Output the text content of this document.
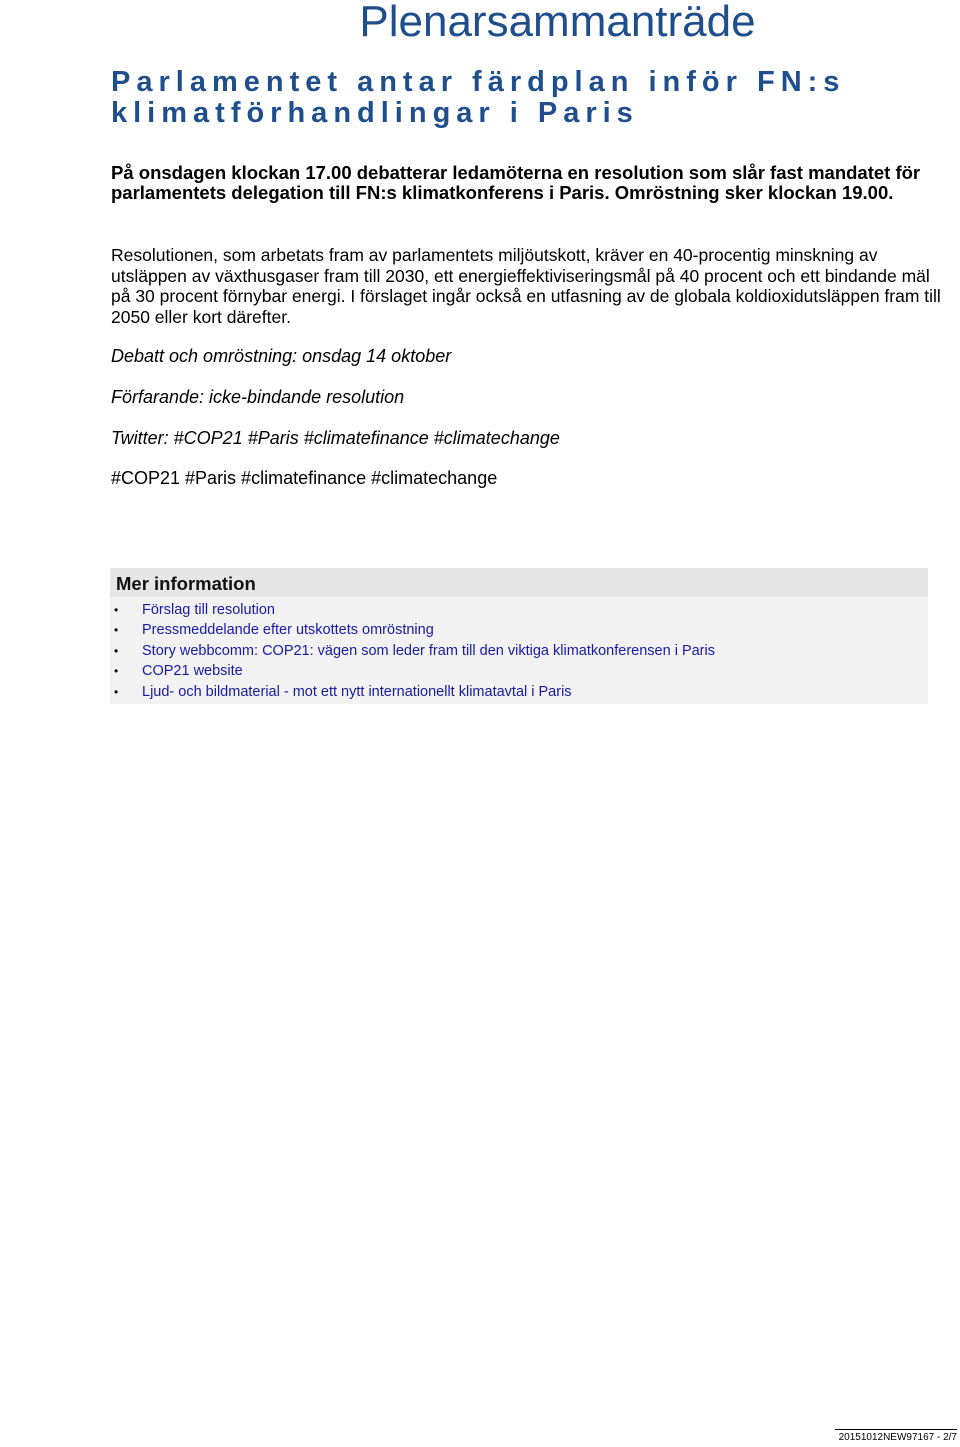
Plenarsammanträde
Parlamentet antar färdplan inför FN:s klimatförhandlingar i Paris

På onsdagen klockan 17.00 debatterar ledamöterna en resolution som slår fast mandatet för parlamentets delegation till FN:s klimatkonferens i Paris. Omröstning sker klockan 19.00.

Resolutionen, som arbetats fram av parlamentets miljöutskott, kräver en 40-procentig minskning av utsläppen av växthusgaser fram till 2030, ett energieffektiviseringsmål på 40 procent och ett bindande mäl på 30 procent förnybar energi. I förslaget ingår också en utfasning av de globala koldioxidutsläppen fram till 2050 eller kort därefter.

Debatt och omröstning: onsdag 14 oktober

Förfarande: icke-bindande resolution

Twitter: #COP21 #Paris #climatefinance #climatechange

#COP21 #Paris #climatefinance #climatechange

Mer information
• Förslag till resolution
• Pressmeddelande efter utskottets omröstning
• Story webbcomm: COP21: vägen som leder fram till den viktiga klimatkonferensen i Paris
• COP21 website
• Ljud- och bildmaterial - mot ett nytt internationellt klimatavtal i Paris
20151012NEW97167 - 2/7
